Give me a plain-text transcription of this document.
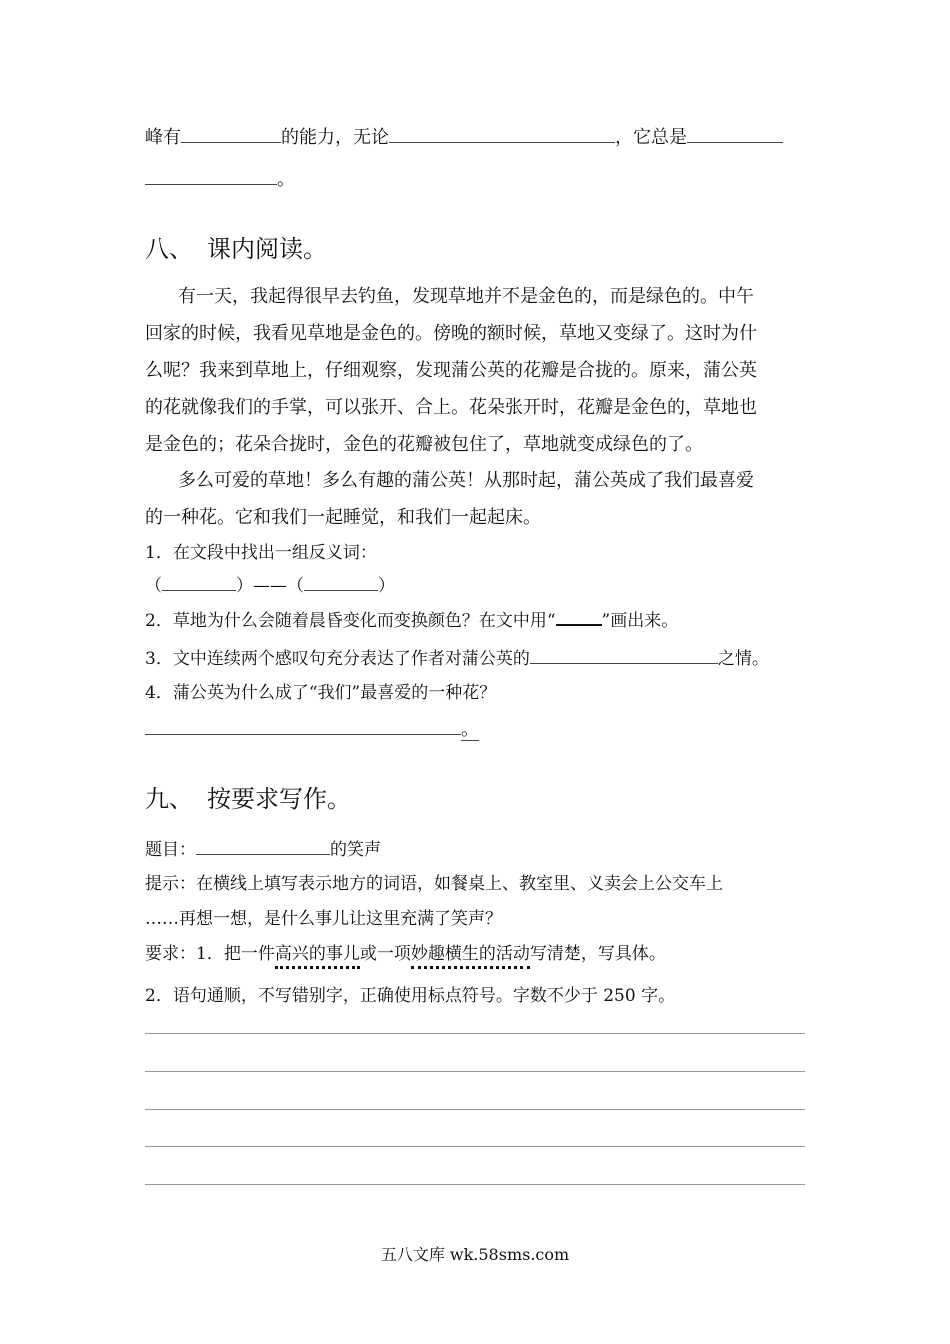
峰有	的能力，无论	，它总是
。
八、 课内阅读。
有一天，我起得很早去钓鱼，发现草地并不是金色的，而是绿色的。中午
回家的时候，我看见草地是金色的。傍晚的额时候，草地又变绿了。这时为什
么呢？我来到草地上，仔细观察，发现蒲公英的花瓣是合拢的。原来，蒲公英
的花就像我们的手掌，可以张开、合上。花朵张开时，花瓣是金色的，草地也
是金色的；花朵合拢时，金色的花瓣被包住了，草地就变成绿色的了。
多么可爱的草地！多么有趣的蒲公英！从那时起，蒲公英成了我们最喜爱
的一种花。它和我们一起睡觉，和我们一起起床。
1．在文段中找出一组反义词：
（	）——（	）
2．草地为什么会随着晨昏变化而变换颜色？在文中用“	”画出来。
3．文中连续两个感叹句充分表达了作者对蒲公英的	之情。
4．蒲公英为什么成了“我们”最喜爱的一种花？
。
九、 按要求写作。
题目：	的笑声
提示：在横线上填写表示地方的词语，如餐桌上、教室里、义卖会上公交车上
……再想一想，是什么事儿让这里充满了笑声？
要求：1．把一件高兴的事儿或一项妙趣横生的活动写清楚，写具体。
2．语句通顺，不写错别字，正确使用标点符号。字数不少于 250 字。
五八文库 wk.58sms.com
